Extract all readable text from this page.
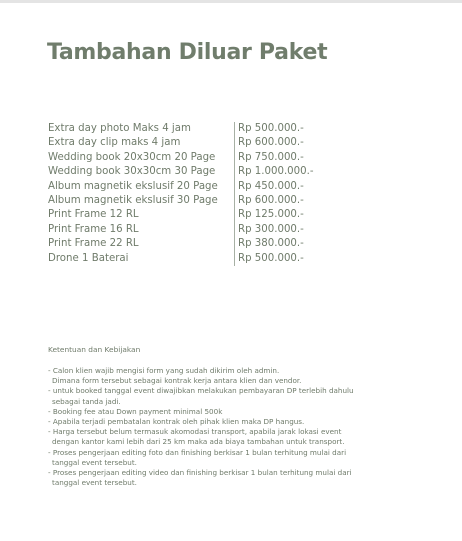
Tambahan Diluar Paket
Extra day photo Maks 4 jam	Rp 500.000.-
Extra day clip maks 4 jam	Rp 600.000.-
Wedding book 20x30cm 20 Page	Rp 750.000.-
Wedding book 30x30cm 30 Page	Rp 1.000.000.-
Album magnetik ekslusif 20 Page	Rp 450.000.-
Album magnetik ekslusif 30 Page	Rp 600.000.-
Print Frame 12 RL	Rp 125.000.-
Print Frame 16 RL	Rp 300.000.-
Print Frame 22 RL	Rp 380.000.-
Drone 1 Baterai	Rp 500.000.-
Ketentuan dan Kebijakan
- Calon klien wajib mengisi form yang sudah dikirim oleh admin.
Dimana form tersebut sebagai kontrak kerja antara klien dan vendor.
- untuk booked tanggal event diwajibkan melakukan pembayaran DP terlebih dahulu
sebagai tanda jadi.
- Booking fee atau Down payment minimal 500k
- Apabila terjadi pembatalan kontrak oleh pihak klien maka DP hangus.
- Harga tersebut belum termasuk akomodasi transport, apabila jarak lokasi event
dengan kantor kami lebih dari 25 km maka ada biaya tambahan untuk transport.
- Proses pengerjaan editing foto dan finishing berkisar 1 bulan terhitung mulai dari
tanggal event tersebut.
- Proses pengerjaan editing video dan finishing berkisar 1 bulan terhitung mulai dari
tanggal event tersebut.
